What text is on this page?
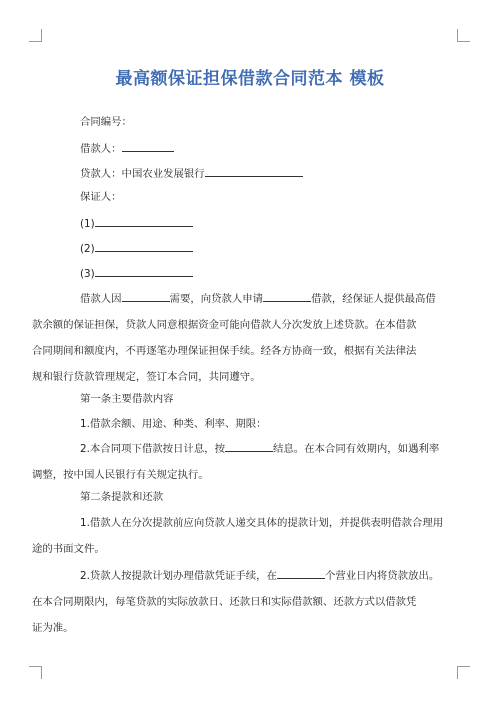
最高额保证担保借款合同范本 模板
合同编号：
借款人：
贷款人：中国农业发展银行
保证人：
(1)
(2)
(3)
借款人因	需要，向贷款人申请	借款，经保证人提供最高借
款余额的保证担保，贷款人同意根据资金可能向借款人分次发放上述贷款。在本借款
合同期间和额度内，不再逐笔办理保证担保手续。经各方协商一致，根据有关法律法
规和银行贷款管理规定，签订本合同，共同遵守。
第一条主要借款内容
1.借款余额、用途、种类、利率、期限：
2.本合同项下借款按日计息，按	结息。在本合同有效期内，如遇利率
调整，按中国人民银行有关规定执行。
第二条提款和还款
1.借款人在分次提款前应向贷款人递交具体的提款计划，并提供表明借款合理用
途的书面文件。
2.贷款人按提款计划办理借款凭证手续，在	个营业日内将贷款放出。
在本合同期限内，每笔贷款的实际放款日、还款日和实际借款额、还款方式以借款凭
证为准。
